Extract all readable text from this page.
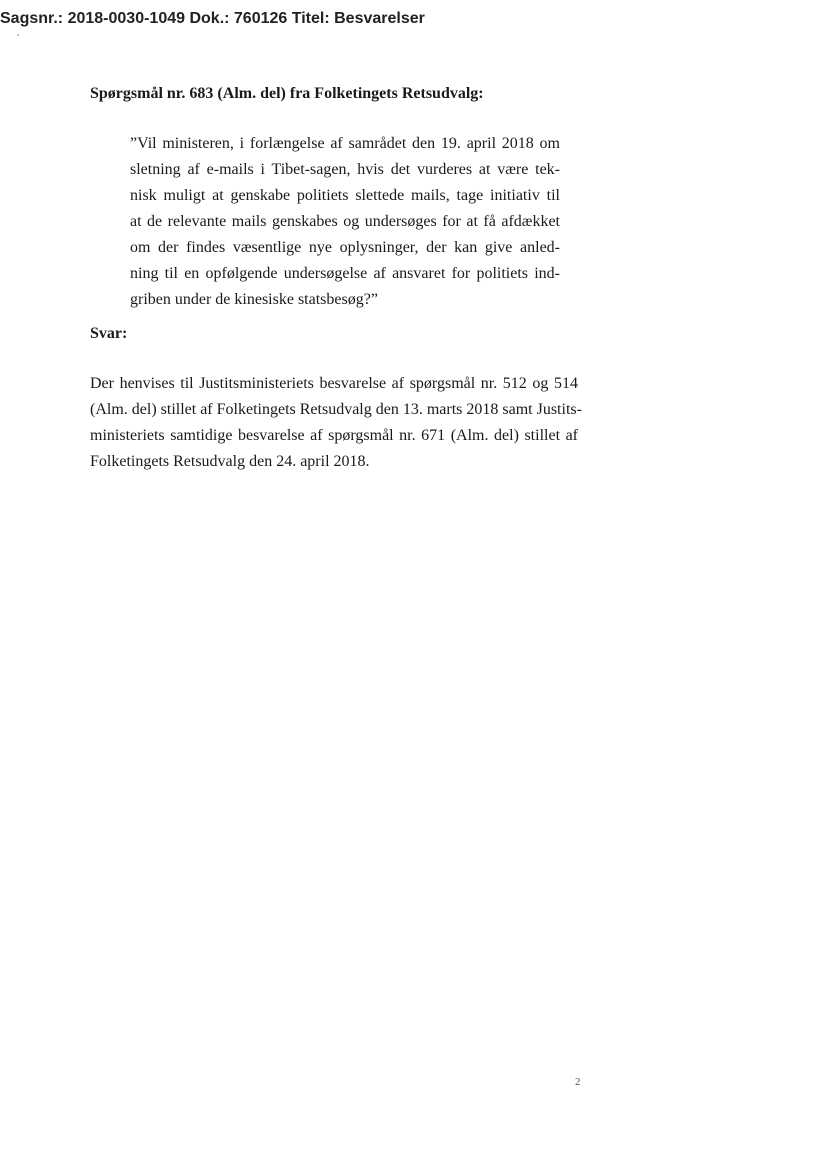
Sagsnr.: 2018-0030-1049 Dok.: 760126 Titel: Besvarelser
Spørgsmål nr. 683 (Alm. del) fra Folketingets Retsudvalg:
”Vil ministeren, i forlængelse af samrådet den 19. april 2018 om
sletning af e-mails i Tibet-sagen, hvis det vurderes at være tek-
nisk muligt at genskabe politiets slettede mails, tage initiativ til
at de relevante mails genskabes og undersøges for at få afdækket
om der findes væsentlige nye oplysninger, der kan give anled-
ning til en opfølgende undersøgelse af ansvaret for politiets ind-
griben under de kinesiske statsbesøg?”
Svar:
Der henvises til Justitsministeriets besvarelse af spørgsmål nr. 512 og 514
(Alm. del) stillet af Folketingets Retsudvalg den 13. marts 2018 samt Justits-
ministeriets samtidige besvarelse af spørgsmål nr. 671 (Alm. del) stillet af
Folketingets Retsudvalg den 24. april 2018.
2
